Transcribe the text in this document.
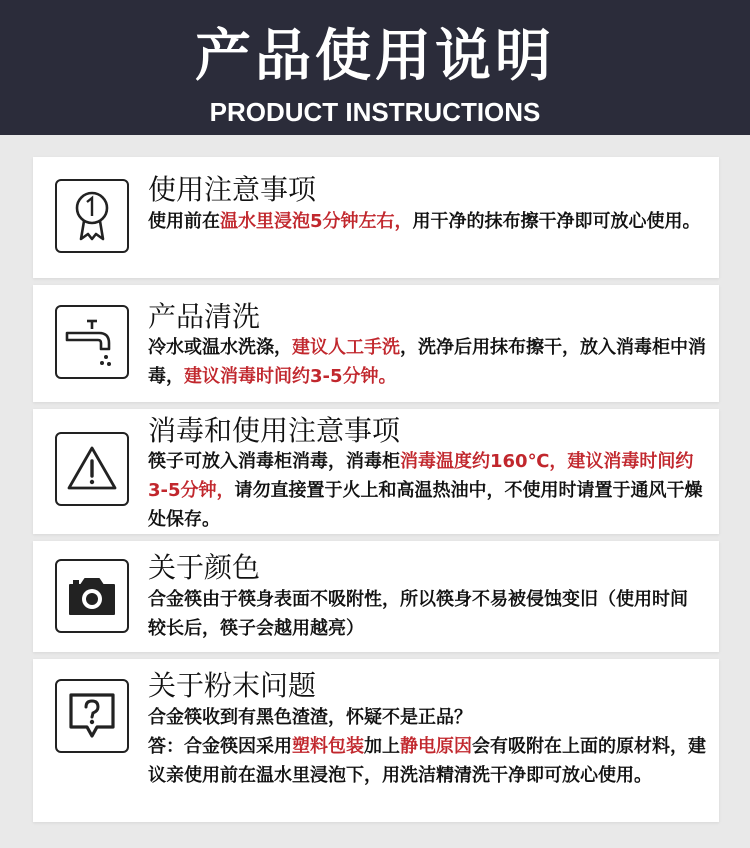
产品使用说明
PRODUCT INSTRUCTIONS
使用注意事项
使用前在温水里浸泡5分钟左右，用干净的抹布擦干净即可放心使用。
产品清洗
冷水或温水洗涤，建议人工手洗，洗净后用抹布擦干，放入消毒柜中消毒，建议消毒时间约3-5分钟。
消毒和使用注意事项
筷子可放入消毒柜消毒，消毒柜消毒温度约160℃，建议消毒时间约3-5分钟，请勿直接置于火上和高温热油中，不使用时请置于通风干燥处保存。
关于颜色
合金筷由于筷身表面不吸附性，所以筷身不易被侵蚀变旧（使用时间较长后，筷子会越用越亮）
关于粉末问题
合金筷收到有黑色渣渣，怀疑不是正品？
答：合金筷因采用塑料包装加上静电原因会有吸附在上面的原材料，建议亲使用前在温水里浸泡下，用洗洁精清洗干净即可放心使用。
